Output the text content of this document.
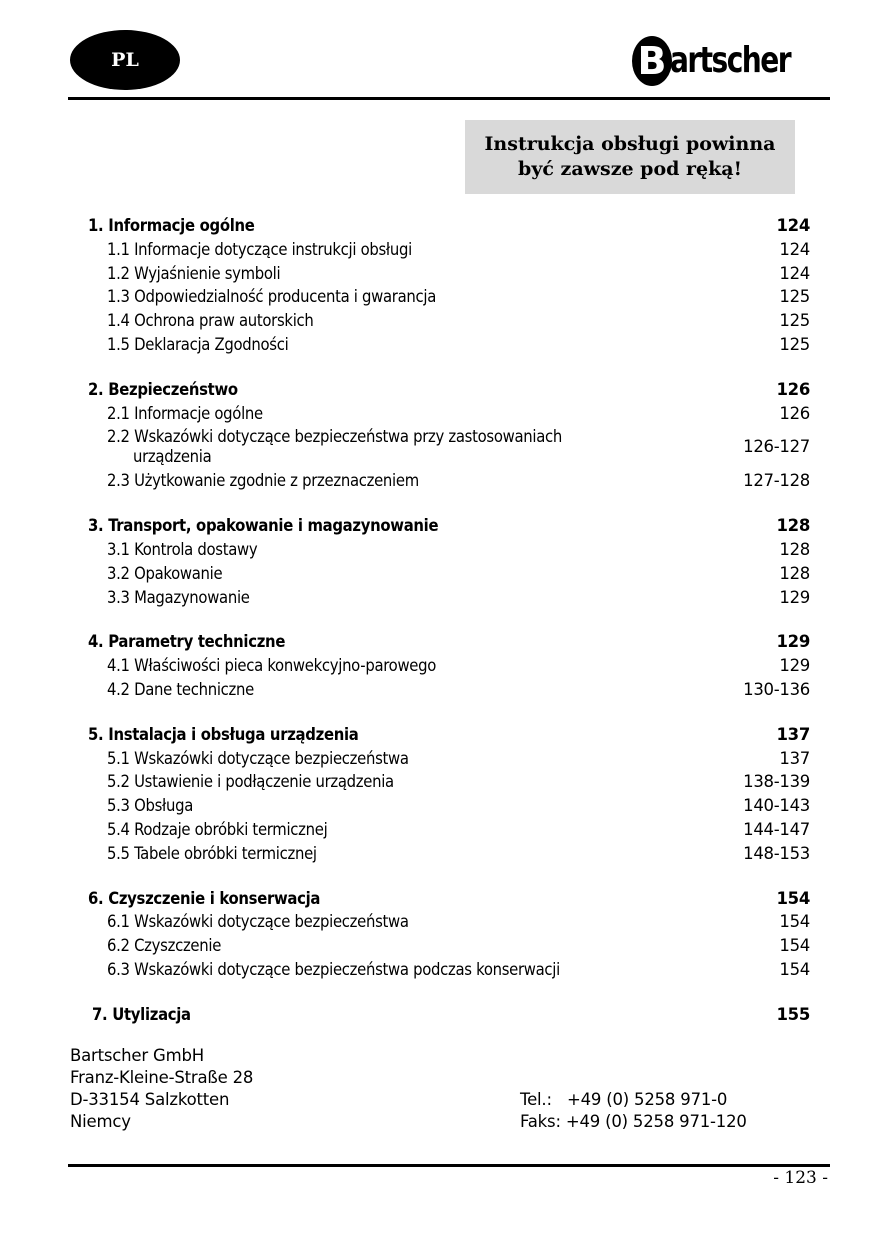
PL	B artscher
Instrukcja obsługi powinna
być zawsze pod ręką!
1. Informacje ogólne	124
1.1 Informacje dotyczące instrukcji obsługi	124
1.2 Wyjaśnienie symboli	124
1.3 Odpowiedzialność producenta i gwarancja	125
1.4 Ochrona praw autorskich	125
1.5 Deklaracja Zgodności	125
2. Bezpieczeństwo	126
2.1 Informacje ogólne	126
2.2 Wskazówki dotyczące bezpieczeństwa przy zastosowaniach
urządzenia
126-127
2.3 Użytkowanie zgodnie z przeznaczeniem	127-128
3. Transport, opakowanie i magazynowanie	128
3.1 Kontrola dostawy	128
3.2 Opakowanie	128
3.3 Magazynowanie	129
4. Parametry techniczne	129
4.1 Właściwości pieca konwekcyjno-parowego	129
4.2 Dane techniczne	130-136
5. Instalacja i obsługa urządzenia	137
5.1 Wskazówki dotyczące bezpieczeństwa	137
5.2 Ustawienie i podłączenie urządzenia	138-139
5.3 Obsługa	140-143
5.4 Rodzaje obróbki termicznej	144-147
5.5 Tabele obróbki termicznej	148-153
6. Czyszczenie i konserwacja	154
6.1 Wskazówki dotyczące bezpieczeństwa	154
6.2 Czyszczenie	154
6.3 Wskazówki dotyczące bezpieczeństwa podczas konserwacji	154
7. Utylizacja	155
Bartscher GmbH
Franz-Kleine-Straße 28
D-33154 Salzkotten
Niemcy
Tel.:   +49 (0) 5258 971-0
Faks: +49 (0) 5258 971-120
- 123 -
